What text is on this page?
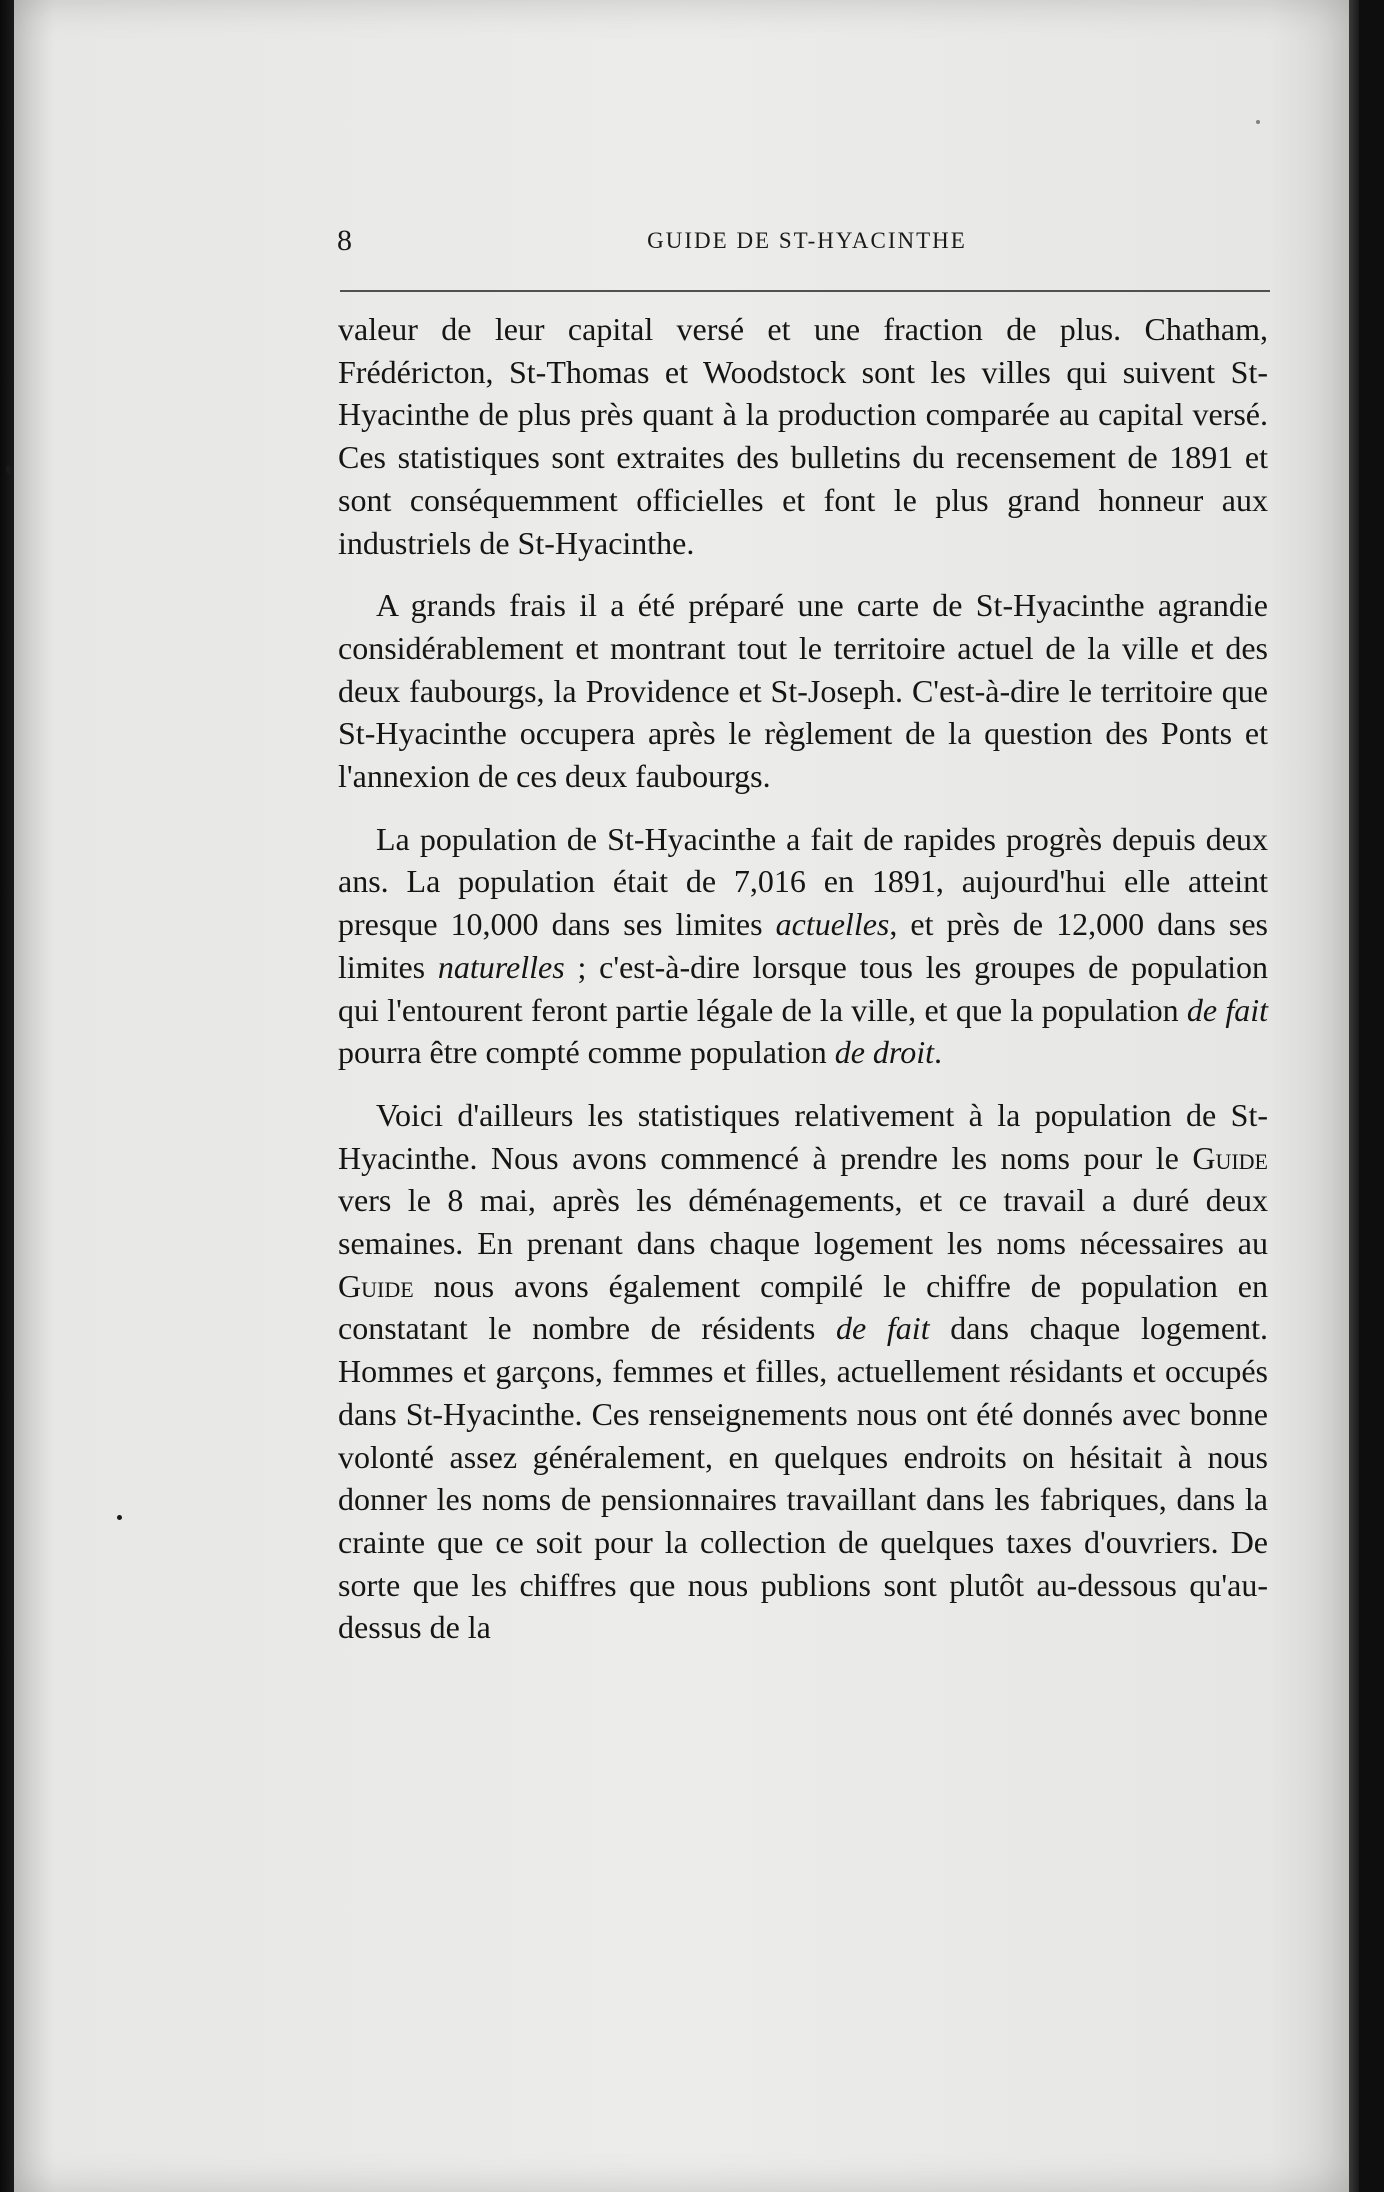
8	GUIDE DE ST-HYACINTHE

valeur de leur capital versé et une fraction de plus. Chatham, Frédéricton, St-Thomas et Woodstock sont les villes qui suivent St-Hyacinthe de plus près quant à la production comparée au capital versé. Ces statistiques sont extraites des bulletins du recensement de 1891 et sont conséquemment officielles et font le plus grand honneur aux industriels de St-Hyacinthe.

A grands frais il a été préparé une carte de St-Hyacinthe agrandie considérablement et montrant tout le territoire actuel de la ville et des deux faubourgs, la Providence et St-Joseph. C'est-à-dire le territoire que St-Hyacinthe occupera après le règlement de la question des Ponts et l'annexion de ces deux faubourgs.

La population de St-Hyacinthe a fait de rapides progrès depuis deux ans. La population était de 7,016 en 1891, aujourd'hui elle atteint presque 10,000 dans ses limites actuelles, et près de 12,000 dans ses limites naturelles ; c'est-à-dire lorsque tous les groupes de population qui l'entourent feront partie légale de la ville, et que la population de fait pourra être compté comme population de droit.

Voici d'ailleurs les statistiques relativement à la population de St-Hyacinthe. Nous avons commencé à prendre les noms pour le Guide vers le 8 mai, après les déménagements, et ce travail a duré deux semaines. En prenant dans chaque logement les noms nécessaires au Guide nous avons également compilé le chiffre de population en constatant le nombre de résidents de fait dans chaque logement. Hommes et garçons, femmes et filles, actuellement résidants et occupés dans St-Hyacinthe. Ces renseignements nous ont été donnés avec bonne volonté assez généralement, en quelques endroits on hésitait à nous donner les noms de pensionnaires travaillant dans les fabriques, dans la crainte que ce soit pour la collection de quelques taxes d'ouvriers. De sorte que les chiffres que nous publions sont plutôt au-dessous qu'au-dessus de la
